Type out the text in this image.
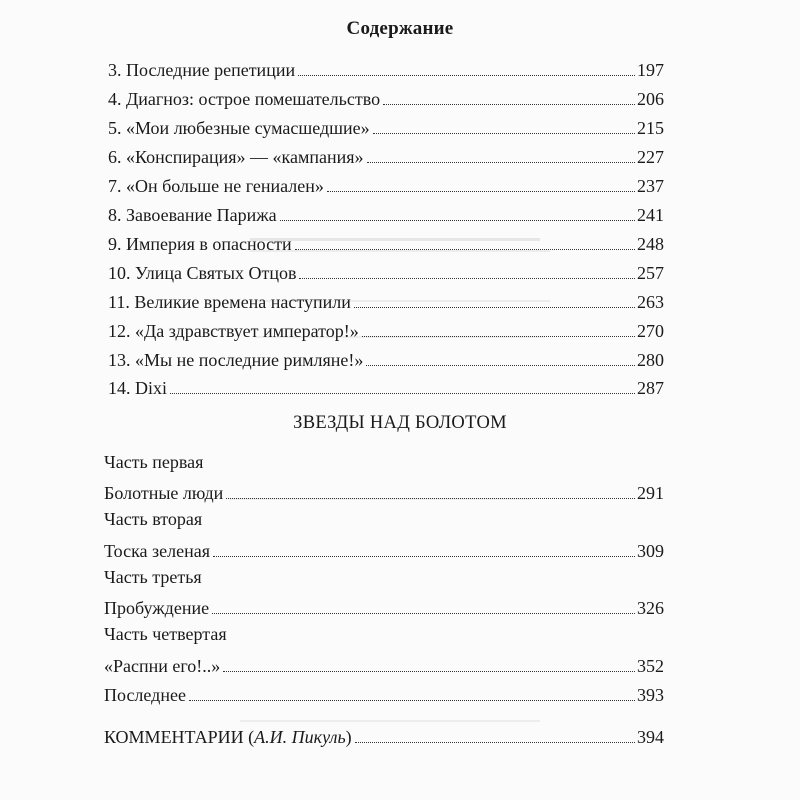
Содержание
3. Последние репетиции	197
4. Диагноз: острое помешательство	206
5. «Мои любезные сумасшедшие»	215
6. «Конспирация» — «кампания»	227
7. «Он больше не гениален»	237
8. Завоевание Парижа	241
9. Империя в опасности	248
10. Улица Святых Отцов	257
11. Великие времена наступили	263
12. «Да здравствует император!»	270
13. «Мы не последние римляне!»	280
14. Dixi	287
ЗВЕЗДЫ НАД БОЛОТОМ
Часть первая
Болотные люди	291
Часть вторая
Тоска зеленая	309
Часть третья
Пробуждение	326
Часть четвертая
«Распни его!..»	352
Последнее	393
КОММЕНТАРИИ (А.И. Пикуль)	394
